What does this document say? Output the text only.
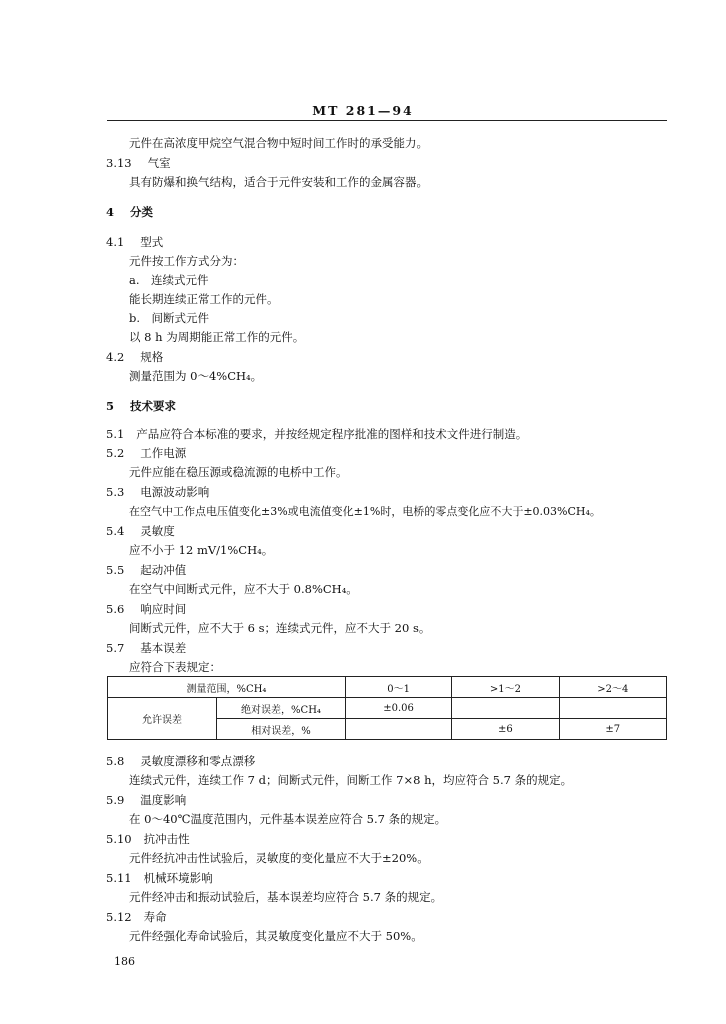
MT 281—94
元件在高浓度甲烷空气混合物中短时间工作时的承受能力。
3.13 气室
具有防爆和换气结构，适合于元件安装和工作的金属容器。
4 分类
4.1 型式
元件按工作方式分为：
a.　连续式元件
能长期连续正常工作的元件。
b.　间断式元件
以 8 h 为周期能正常工作的元件。
4.2 规格
测量范围为 0～4%CH₄。
5 技术要求
5.1 产品应符合本标准的要求，并按经规定程序批准的图样和技术文件进行制造。
5.2 工作电源
元件应能在稳压源或稳流源的电桥中工作。
5.3 电源波动影响
在空气中工作点电压值变化±3%或电流值变化±1%时，电桥的零点变化应不大于±0.03%CH₄。
5.4 灵敏度
应不小于 12 mV/1%CH₄。
5.5 起动冲值
在空气中间断式元件，应不大于 0.8%CH₄。
5.6 响应时间
间断式元件，应不大于 6 s；连续式元件，应不大于 20 s。
5.7 基本误差
应符合下表规定：
测量范围，%CH₄		0～1	>1～2	>2～4
允许误差	绝对误差，%CH₄	±0.06		
	相对误差，%		±6	±7
5.8 灵敏度漂移和零点漂移
连续式元件，连续工作 7 d；间断式元件，间断工作 7×8 h，均应符合 5.7 条的规定。
5.9 温度影响
在 0～40℃温度范围内，元件基本误差应符合 5.7 条的规定。
5.10 抗冲击性
元件经抗冲击性试验后，灵敏度的变化量应不大于±20%。
5.11 机械环境影响
元件经冲击和振动试验后，基本误差均应符合 5.7 条的规定。
5.12 寿命
元件经强化寿命试验后，其灵敏度变化量应不大于 50%。
186
